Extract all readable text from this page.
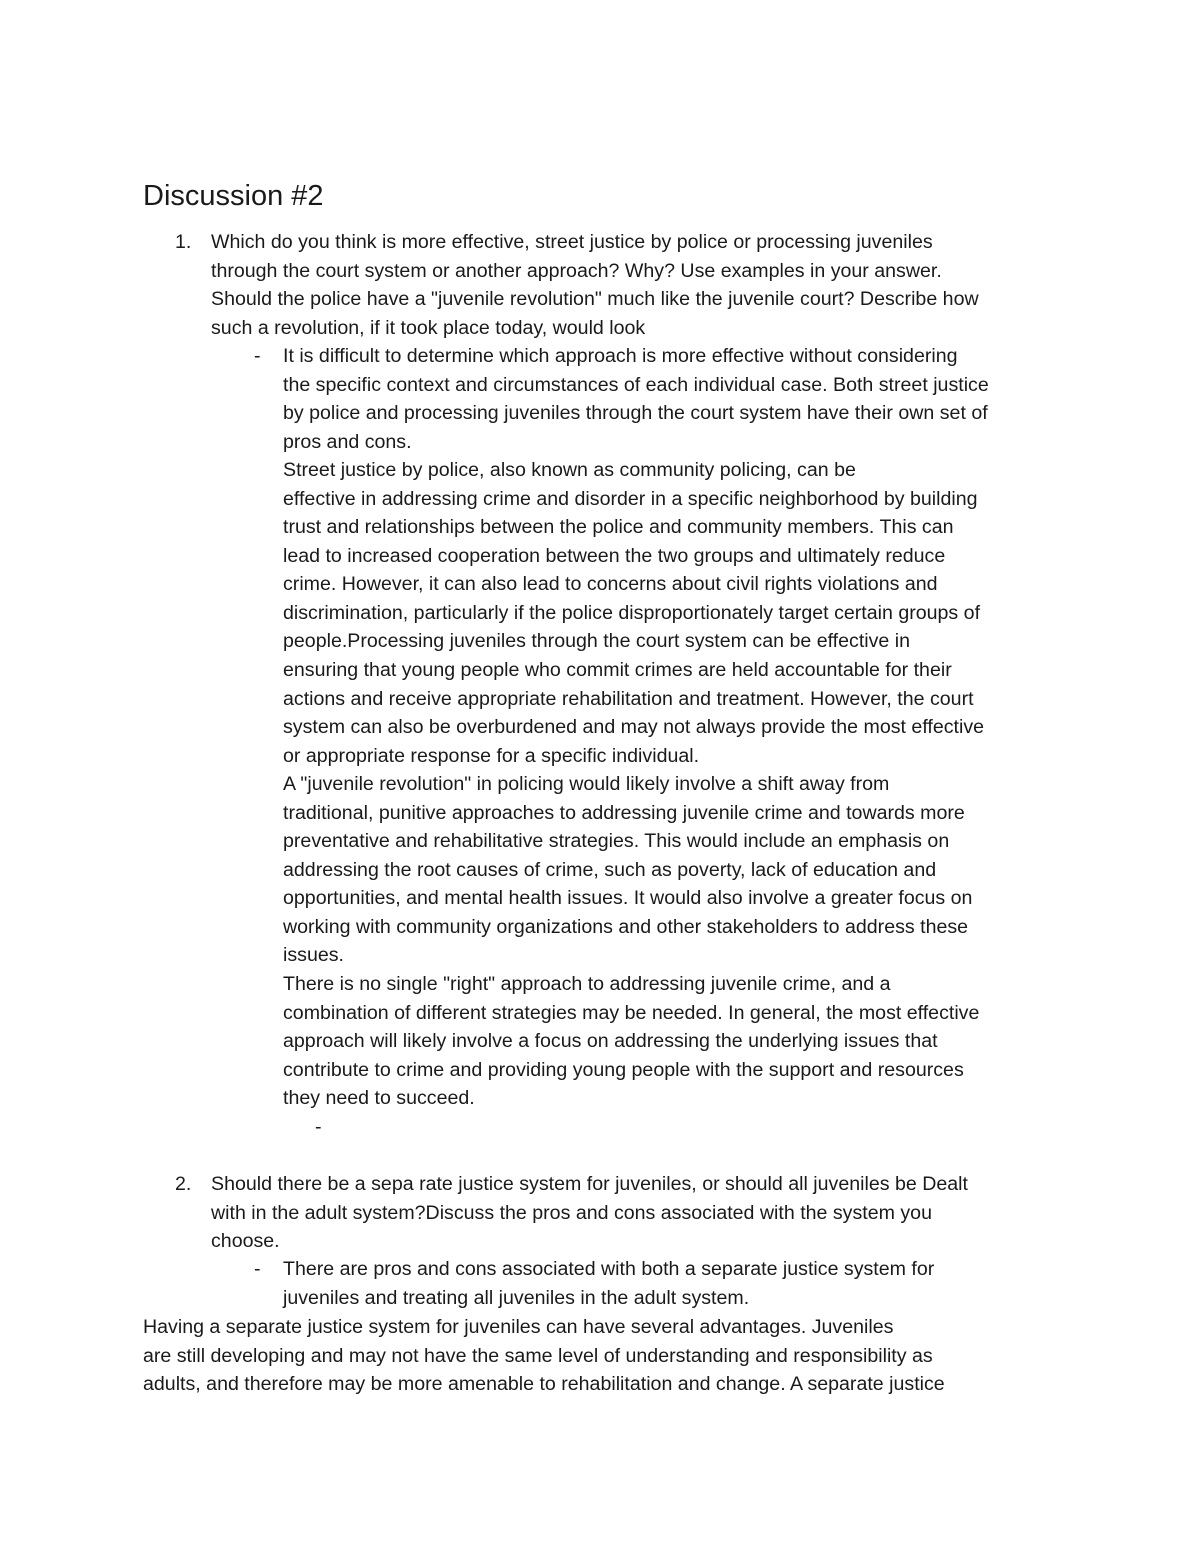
Discussion #2
1. Which do you think is more effective, street justice by police or processing juveniles
through the court system or another approach? Why? Use examples in your answer.
Should the police have a "juvenile revolution" much like the juvenile court? Describe how
such a revolution, if it took place today, would look

- It is difficult to determine which approach is more effective without considering
the specific context and circumstances of each individual case. Both street justice
by police and processing juveniles through the court system have their own set of
pros and cons.
Street justice by police, also known as community policing, can be
effective in addressing crime and disorder in a specific neighborhood by building
trust and relationships between the police and community members. This can
lead to increased cooperation between the two groups and ultimately reduce
crime. However, it can also lead to concerns about civil rights violations and
discrimination, particularly if the police disproportionately target certain groups of
people.Processing juveniles through the court system can be effective in
ensuring that young people who commit crimes are held accountable for their
actions and receive appropriate rehabilitation and treatment. However, the court
system can also be overburdened and may not always provide the most effective
or appropriate response for a specific individual.
A "juvenile revolution" in policing would likely involve a shift away from
traditional, punitive approaches to addressing juvenile crime and towards more
preventative and rehabilitative strategies. This would include an emphasis on
addressing the root causes of crime, such as poverty, lack of education and
opportunities, and mental health issues. It would also involve a greater focus on
working with community organizations and other stakeholders to address these
issues.
There is no single "right" approach to addressing juvenile crime, and a
combination of different strategies may be needed. In general, the most effective
approach will likely involve a focus on addressing the underlying issues that
contribute to crime and providing young people with the support and resources
they need to succeed.

-
2. Should there be a sepa rate justice system for juveniles, or should all juveniles be Dealt
with in the adult system?Discuss the pros and cons associated with the system you
choose.

- There are pros and cons associated with both a separate justice system for
juveniles and treating all juveniles in the adult system.

Having a separate justice system for juveniles can have several advantages. Juveniles
are still developing and may not have the same level of understanding and responsibility as
adults, and therefore may be more amenable to rehabilitation and change. A separate justice
